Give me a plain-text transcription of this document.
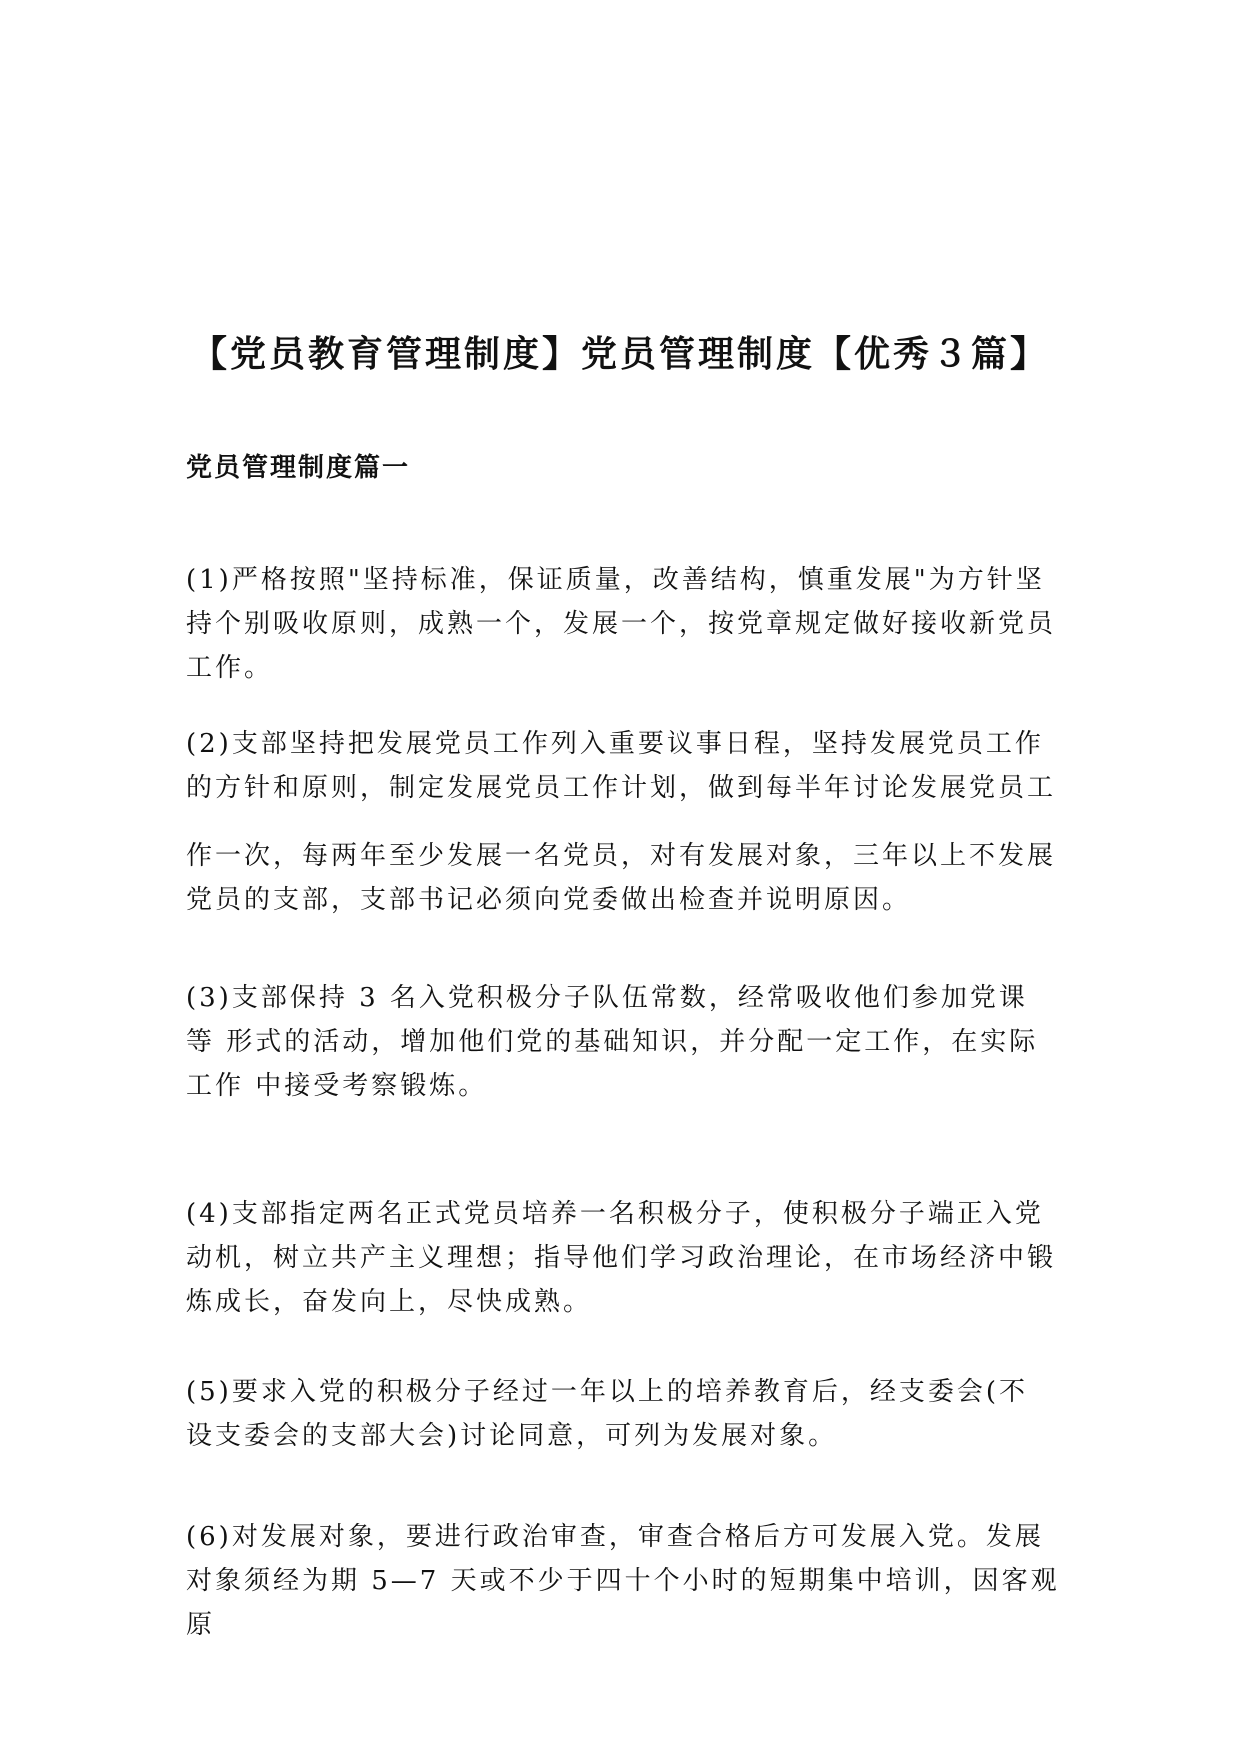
【党员教育管理制度】党员管理制度【优秀３篇】
党员管理制度篇一
(1)严格按照"坚持标准，保证质量，改善结构，慎重发展"为方针坚
持个别吸收原则，成熟一个，发展一个，按党章规定做好接收新党员
工作。
(2)支部坚持把发展党员工作列入重要议事日程，坚持发展党员工作
的方针和原则，制定发展党员工作计划，做到每半年讨论发展党员工
作一次，每两年至少发展一名党员，对有发展对象，三年以上不发展
党员的支部，支部书记必须向党委做出检查并说明原因。
(3)支部保持 3 名入党积极分子队伍常数，经常吸收他们参加党课
等 形式的活动，增加他们党的基础知识，并分配一定工作，在实际
工作 中接受考察锻炼。
(4)支部指定两名正式党员培养一名积极分子，使积极分子端正入党
动机，树立共产主义理想；指导他们学习政治理论，在市场经济中锻
炼成长，奋发向上，尽快成熟。
(5)要求入党的积极分子经过一年以上的培养教育后，经支委会(不
设支委会的支部大会)讨论同意，可列为发展对象。
(6)对发展对象，要进行政治审查，审查合格后方可发展入党。发展
对象须经为期 5—7 天或不少于四十个小时的短期集中培训，因客观
原
